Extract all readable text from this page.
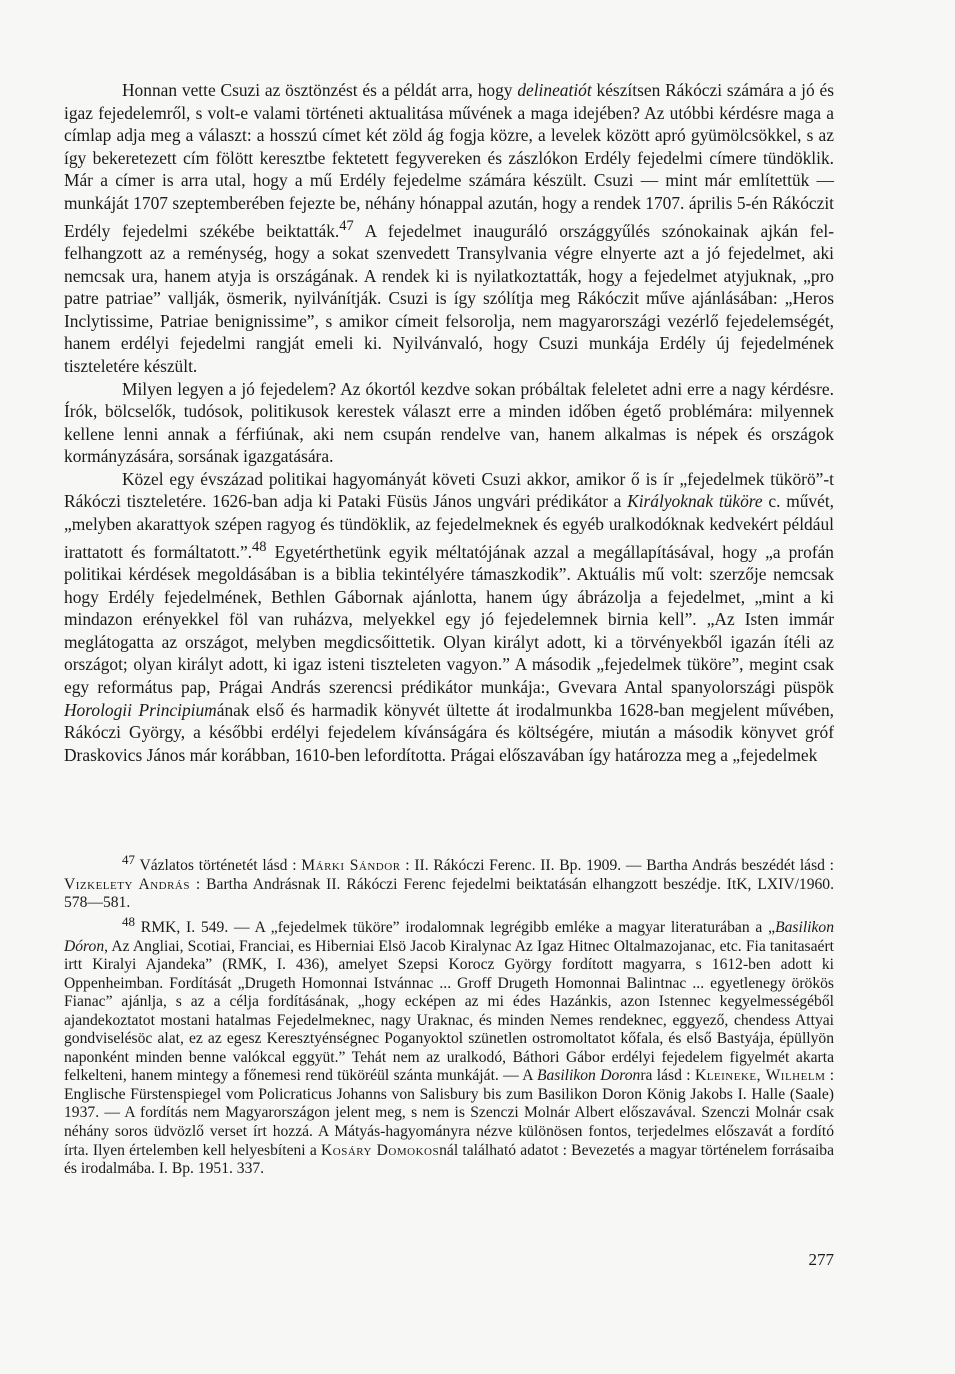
Honnan vette Csuzi az ösztönzést és a példát arra, hogy delineatiót készítsen Rákóczi számára a jó és igaz fejedelemről, s volt-e valami történeti aktualitása művének a maga idejében? Az utóbbi kérdésre maga a címlap adja meg a választ: a hosszú címet két zöld ág fogja közre, a levelek között apró gyümölcsökkel, s az így bekeretezett cím fölött keresztbe fektetett fegyvereken és zászlókon Erdély fejedelmi címere tündöklik. Már a címer is arra utal, hogy a mű Erdély fejedelme számára készült. Csuzi — mint már említettük — munkáját 1707 szeptemberében fejezte be, néhány hónappal azután, hogy a rendek 1707. április 5-én Rákóczit Erdély fejedelmi székébe beiktatták.$^{47}$ A fejedelmet inauguráló országgyűlés szónokainak ajkán fel-felhangzott az a reménység, hogy a sokat szenvedett Transylvania végre elnyerte azt a jó fejedelmet, aki nemcsak ura, hanem atyja is országának. A rendek ki is nyilatkoztatták, hogy a fejedelmet atyjuknak, „pro patre patriae” vallják, ösmerik, nyilvánítják. Csuzi is így szólítja meg Rákóczit műve ajánlásában: „Heros Inclytissime, Patriae benignissime”, s amikor címeit felsorolja, nem magyarországi vezérlő fejedelemségét, hanem erdélyi fejedelmi rangját emeli ki. Nyilvánvaló, hogy Csuzi munkája Erdély új fejedelmének tiszteletére készült.

Milyen legyen a jó fejedelem? Az ókortól kezdve sokan próbáltak feleletet adni erre a nagy kérdésre. Írók, bölcselők, tudósok, politikusok kerestek választ erre a minden időben égető problémára: milyennek kellene lenni annak a férfiúnak, aki nem csupán rendelve van, hanem alkalmas is népek és országok kormányzására, sorsának igazgatására.

Közel egy évszázad politikai hagyományát követi Csuzi akkor, amikor ő is ír „fejedelmek tükörö”-t Rákóczi tiszteletére. 1626-ban adja ki Pataki Füsüs János ungvári prédikátor a Királyoknak tüköre c. művét, „melyben akarattyok szépen ragyog és tündöklik, az fejedelmeknek és egyéb uralkodóknak kedvekért például irattatott és formáltatott.”.$^{48}$ Egyetérthetünk egyik méltatójának azzal a megállapításával, hogy „a profán politikai kérdések megoldásában is a biblia tekintélyére támaszkodik”. Aktuális mű volt: szerzője nemcsak hogy Erdély fejedelmének, Bethlen Gábornak ajánlotta, hanem úgy ábrázolja a fejedelmet, „mint a ki mindazon erényekkel föl van ruházva, melyekkel egy jó fejedelemnek birnia kell”. „Az Isten immár meglátogatta az országot, melyben megdicsőittetik. Olyan királyt adott, ki a törvényekből igazán ítéli az országot; olyan királyt adott, ki igaz isteni tiszteleten vagyon.” A második „fejedelmek tüköre”, megint csak egy református pap, Prágai András szerencsi prédikátor munkája:, Gvevara Antal spanyolországi püspök Horologii Principiumának első és harmadik könyvét ültette át irodalmunkba 1628-ban megjelent művében, Rákóczi György, a későbbi erdélyi fejedelem kívánságára és költségére, miután a második könyvet gróf Draskovics János már korábban, 1610-ben lefordította. Prágai előszavában így határozza meg a „fejedelmek

$^{47}$ Vázlatos történetét lásd : Márki Sándor : II. Rákóczi Ferenc. II. Bp. 1909. — Bartha András beszédét lásd : Vizkelety András : Bartha Andrásnak II. Rákóczi Ferenc fejedelmi beiktatásán elhangzott beszédje. ItK, LXIV/1960. 578—581.

$^{48}$ RMK, I. 549. — A „fejedelmek tüköre” irodalomnak legrégibb emléke a magyar literaturában a „Basilikon Dóron, Az Angliai, Scotiai, Franciai, es Hiberniai Elsö Jacob Kiralynac Az Igaz Hitnec Oltalmazojanac, etc. Fia tanitasaért irtt Kiralyi Ajandeka” (RMK, I. 436), amelyet Szepsi Korocz György fordított magyarra, s 1612-ben adott ki Oppenheimban. Fordítását „Drugeth Homonnai Istvánnac ... Groff Drugeth Homonnai Balintnac ... egyetlenegy örökös Fianac” ajánlja, s az a célja fordításának, „hogy ecképen az mi édes Hazánkis, azon Istennec kegyelmességéből ajandekoztatot mostani hatalmas Fejedelmeknec, nagy Uraknac, és minden Nemes rendeknec, eggyező, chendess Attyai gondviselésöc alat, ez az egesz Keresztyénségnec Poganyoktol szünetlen ostromoltatot kőfala, és első Bastyája, épüllyön naponként minden benne valókcal eggyüt.” Tehát nem az uralkodó, Báthori Gábor erdélyi fejedelem figyelmét akarta felkelteni, hanem mintegy a főnemesi rend tüköréül szánta munkáját. — A Basilikon Doronra lásd : Kleineke, Wilhelm : Englische Fürstenspiegel vom Policraticus Johanns von Salisbury bis zum Basilikon Doron König Jakobs I. Halle (Saale) 1937. — A fordítás nem Magyarországon jelent meg, s nem is Szenczi Molnár Albert előszavával. Szenczi Molnár csak néhány soros üdvözlő verset írt hozzá. A Mátyás-hagyományra nézve különösen fontos, terjedelmes előszavát a fordító írta. Ilyen értelemben kell helyesbíteni a Kosáry Domokosnál található adatot : Bevezetés a magyar történelem forrásaiba és irodalmába. I. Bp. 1951. 337.

277
